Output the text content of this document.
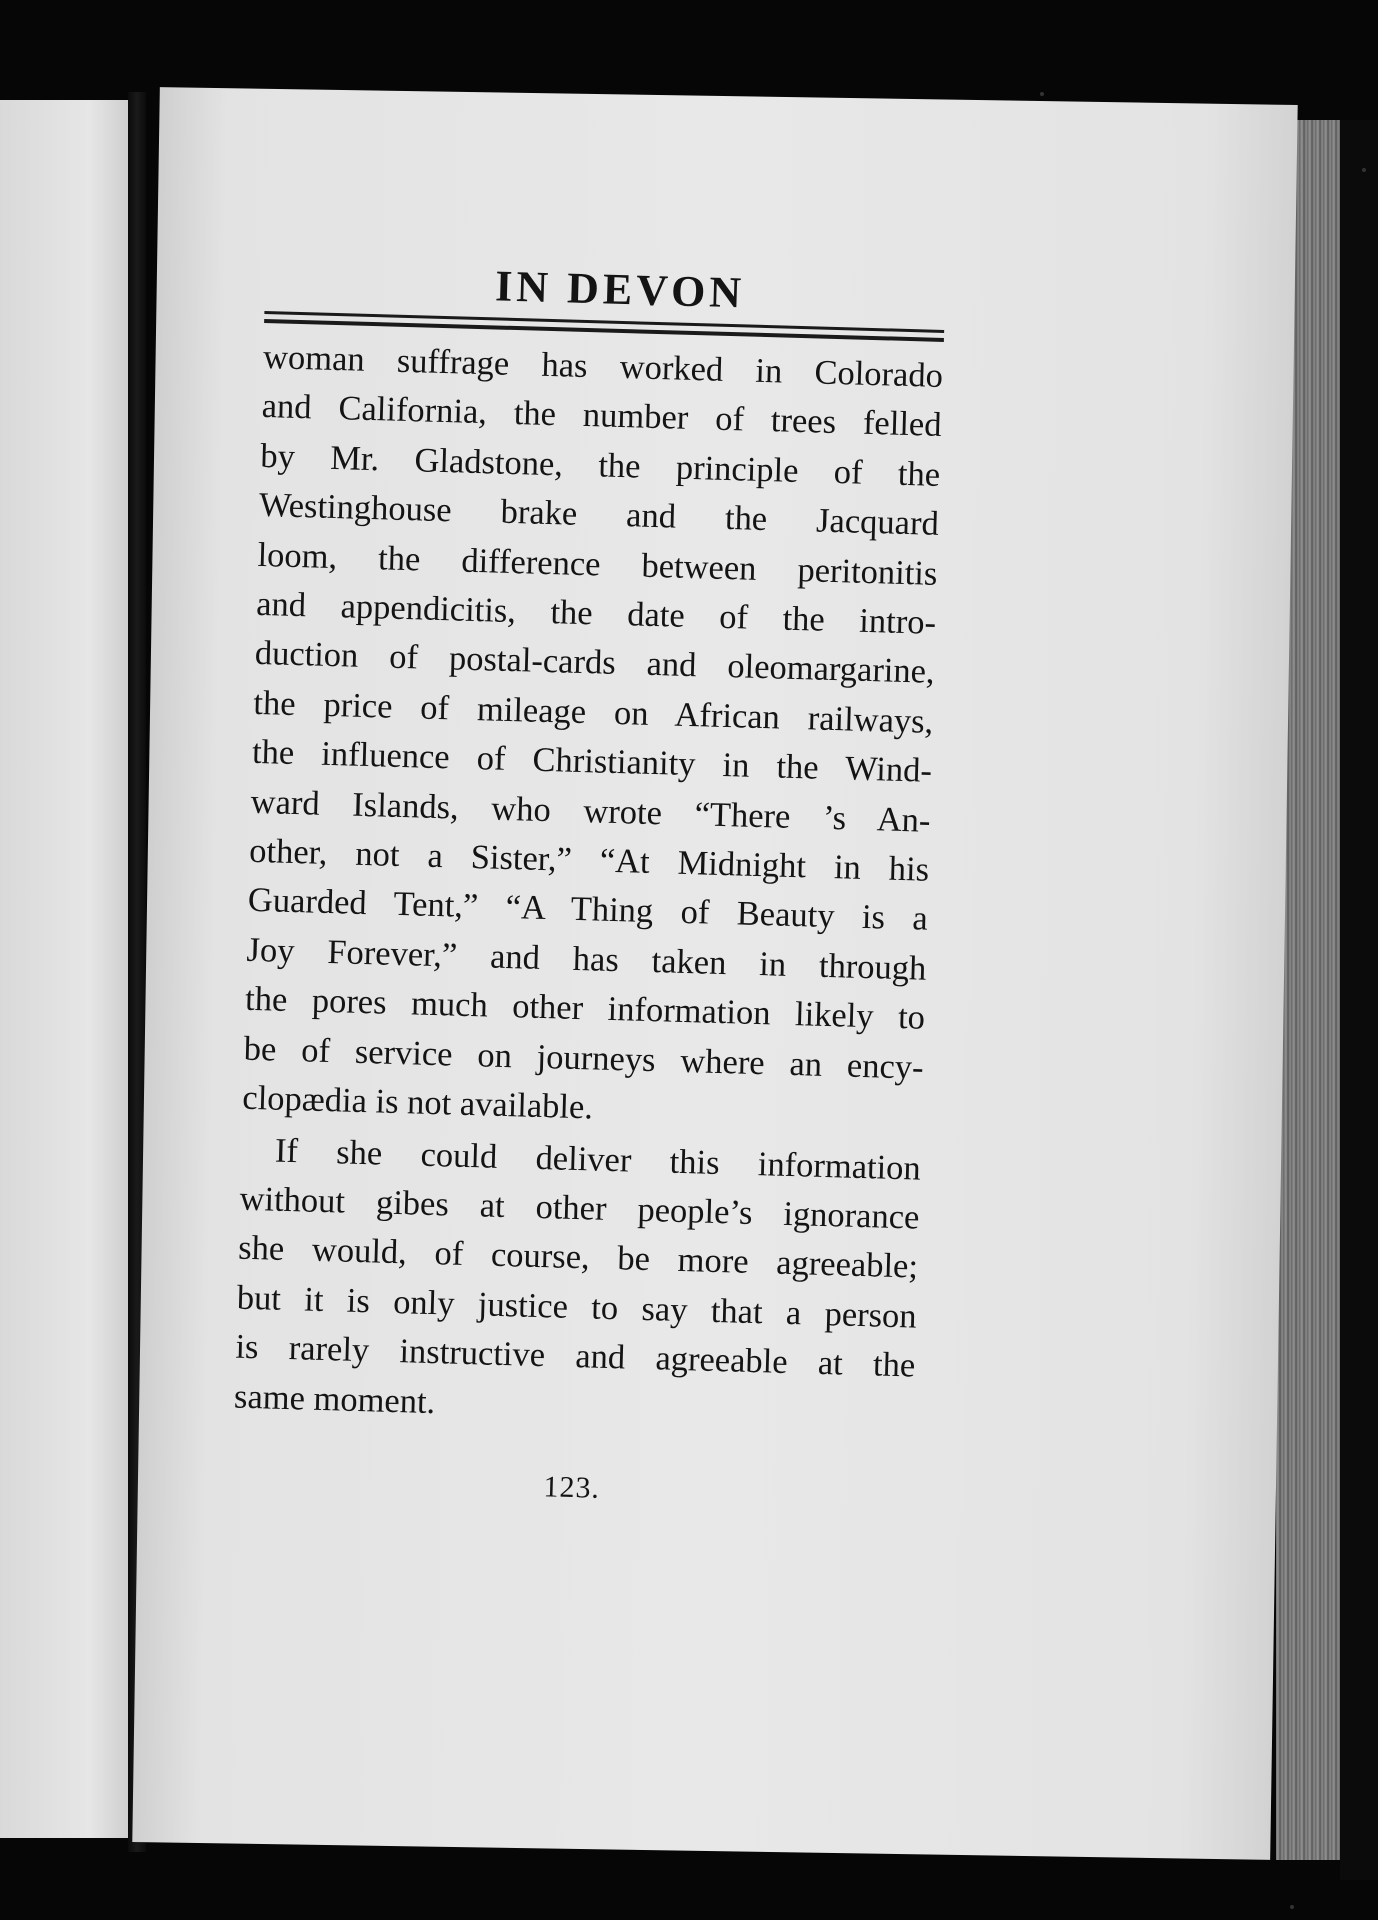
IN DEVON
woman suffrage has worked in Colorado
and California, the number of trees felled
by Mr. Gladstone, the principle of the
Westinghouse brake and the Jacquard
loom, the difference between peritonitis
and appendicitis, the date of the intro-
duction of postal-cards and oleomargarine,
the price of mileage on African railways,
the influence of Christianity in the Wind-
ward Islands, who wrote “There ’s An-
other, not a Sister,” “At Midnight in his
Guarded Tent,” “A Thing of Beauty is a
Joy Forever,” and has taken in through
the pores much other information likely to
be of service on journeys where an ency-
clopædia is not available.
If she could deliver this information
without gibes at other people’s ignorance
she would, of course, be more agreeable;
but it is only justice to say that a person
is rarely instructive and agreeable at the
same moment.
123.
